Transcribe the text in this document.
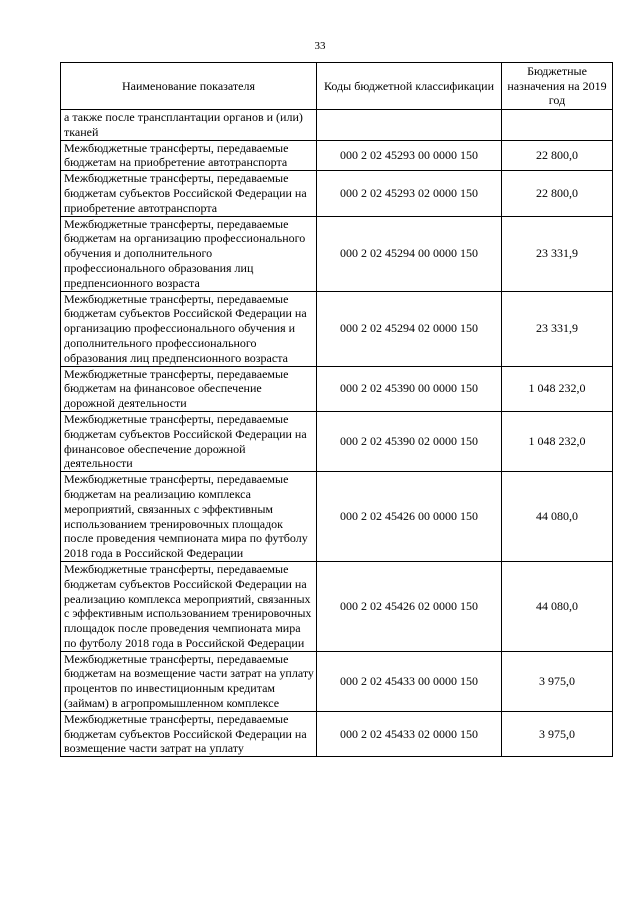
33
Наименование показателя	Коды бюджетной классификации	Бюджетные назначения на 2019 год
а также после трансплантации органов и (или) тканей		
Межбюджетные трансферты, передаваемые бюджетам на приобретение автотранспорта	000 2 02 45293 00 0000 150	22 800,0
Межбюджетные трансферты, передаваемые бюджетам субъектов Российской Федерации на приобретение автотранспорта	000 2 02 45293 02 0000 150	22 800,0
Межбюджетные трансферты, передаваемые бюджетам на организацию профессионального обучения и дополнительного профессионального образования лиц предпенсионного возраста	000 2 02 45294 00 0000 150	23 331,9
Межбюджетные трансферты, передаваемые бюджетам субъектов Российской Федерации на организацию профессионального обучения и дополнительного профессионального образования лиц предпенсионного возраста	000 2 02 45294 02 0000 150	23 331,9
Межбюджетные трансферты, передаваемые бюджетам на финансовое обеспечение дорожной деятельности	000 2 02 45390 00 0000 150	1 048 232,0
Межбюджетные трансферты, передаваемые бюджетам субъектов Российской Федерации на финансовое обеспечение дорожной деятельности	000 2 02 45390 02 0000 150	1 048 232,0
Межбюджетные трансферты, передаваемые бюджетам на реализацию комплекса мероприятий, связанных с эффективным использованием тренировочных площадок после проведения чемпионата мира по футболу 2018 года в Российской Федерации	000 2 02 45426 00 0000 150	44 080,0
Межбюджетные трансферты, передаваемые бюджетам субъектов Российской Федерации на реализацию комплекса мероприятий, связанных с эффективным использованием тренировочных площадок после проведения чемпионата мира по футболу 2018 года в Российской Федерации	000 2 02 45426 02 0000 150	44 080,0
Межбюджетные трансферты, передаваемые бюджетам на возмещение части затрат на уплату процентов по инвестиционным кредитам (займам) в агропромышленном комплексе	000 2 02 45433 00 0000 150	3 975,0
Межбюджетные трансферты, передаваемые бюджетам субъектов Российской Федерации на возмещение части затрат на уплату	000 2 02 45433 02 0000 150	3 975,0
